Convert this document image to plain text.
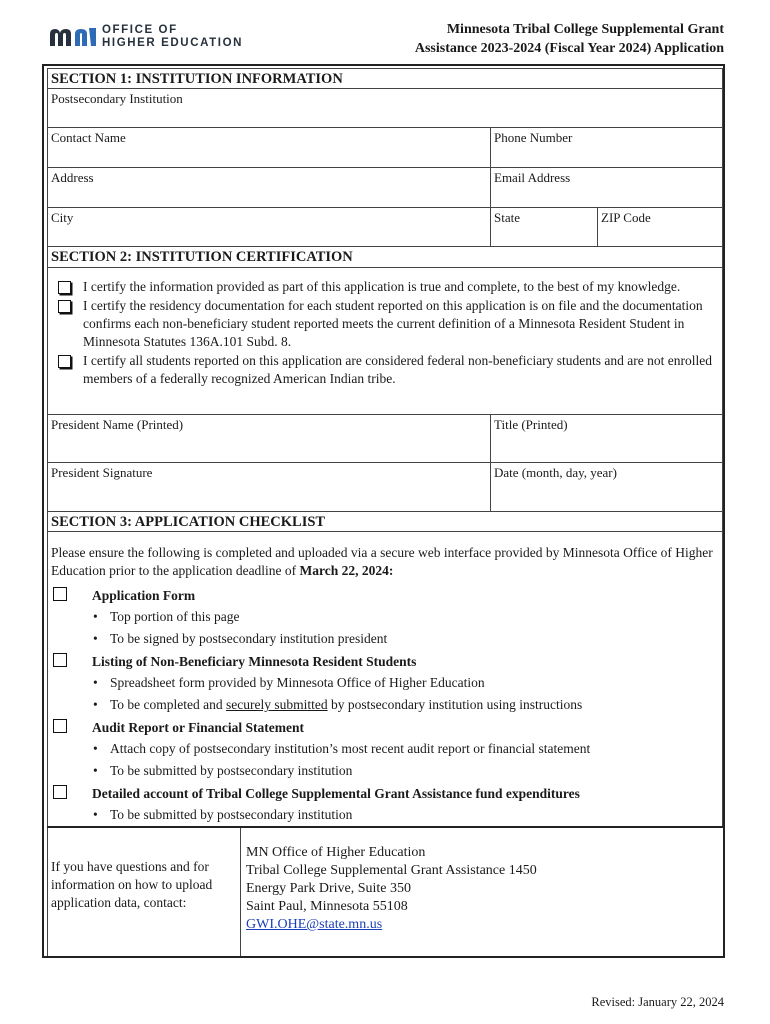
OFFICE OF
HIGHER EDUCATION
Minnesota Tribal College Supplemental Grant
Assistance 2023-2024 (Fiscal Year 2024) Application
SECTION 1: INSTITUTION INFORMATION
Postsecondary Institution
Contact Name	Phone Number
Address	Email Address
City	State	ZIP Code
SECTION 2: INSTITUTION CERTIFICATION
I certify the information provided as part of this application is true and complete, to the best of my knowledge.
I certify the residency documentation for each student reported on this application is on file and the documentation confirms each non-beneficiary student reported meets the current definition of a Minnesota Resident Student in Minnesota Statutes 136A.101 Subd. 8.
I certify all students reported on this application are considered federal non-beneficiary students and are not enrolled members of a federally recognized American Indian tribe.
President Name (Printed)	Title (Printed)
President Signature	Date (month, day, year)
SECTION 3: APPLICATION CHECKLIST
Please ensure the following is completed and uploaded via a secure web interface provided by Minnesota Office of Higher Education prior to the application deadline of March 22, 2024:
Application Form
• Top portion of this page
• To be signed by postsecondary institution president
Listing of Non-Beneficiary Minnesota Resident Students
• Spreadsheet form provided by Minnesota Office of Higher Education
• To be completed and securely submitted by postsecondary institution using instructions
Audit Report or Financial Statement
• Attach copy of postsecondary institution’s most recent audit report or financial statement
• To be submitted by postsecondary institution
Detailed account of Tribal College Supplemental Grant Assistance fund expenditures
• To be submitted by postsecondary institution
If you have questions and for information on how to upload application data, contact:
MN Office of Higher Education
Tribal College Supplemental Grant Assistance 1450
Energy Park Drive, Suite 350
Saint Paul, Minnesota 55108
GWI.OHE@state.mn.us
Revised: January 22, 2024
